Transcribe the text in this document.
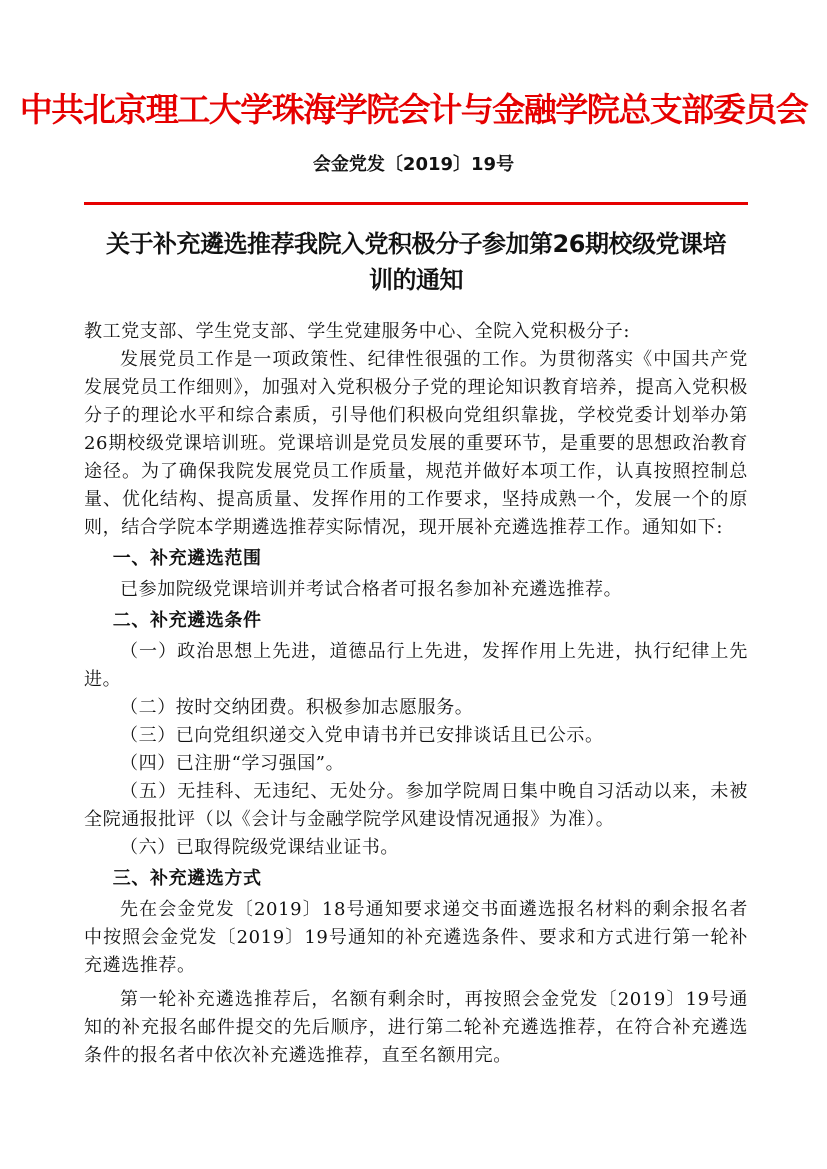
中共北京理工大学珠海学院会计与金融学院总支部委员会
会金党发〔2019〕19号
关于补充遴选推荐我院入党积极分子参加第26期校级党课培
训的通知

教工党支部、学生党支部、学生党建服务中心、全院入党积极分子:

发展党员工作是一项政策性、纪律性很强的工作。为贯彻落实《中国共产党发展党员工作细则》，加强对入党积极分子党的理论知识教育培养，提高入党积极分子的理论水平和综合素质，引导他们积极向党组织靠拢，学校党委计划举办第26期校级党课培训班。党课培训是党员发展的重要环节，是重要的思想政治教育途径。为了确保我院发展党员工作质量，规范并做好本项工作，认真按照控制总量、优化结构、提高质量、发挥作用的工作要求，坚持成熟一个，发展一个的原则，结合学院本学期遴选推荐实际情况，现开展补充遴选推荐工作。通知如下:

一、补充遴选范围

已参加院级党课培训并考试合格者可报名参加补充遴选推荐。

二、补充遴选条件

（一）政治思想上先进，道德品行上先进，发挥作用上先进，执行纪律上先进。

（二）按时交纳团费。积极参加志愿服务。

（三）已向党组织递交入党申请书并已安排谈话且已公示。

（四）已注册“学习强国”。

（五）无挂科、无违纪、无处分。参加学院周日集中晚自习活动以来，未被全院通报批评（以《会计与金融学院学风建设情况通报》为准）。

（六）已取得院级党课结业证书。

三、补充遴选方式

先在会金党发〔2019〕18号通知要求递交书面遴选报名材料的剩余报名者中按照会金党发〔2019〕19号通知的补充遴选条件、要求和方式进行第一轮补充遴选推荐。

第一轮补充遴选推荐后，名额有剩余时，再按照会金党发〔2019〕19号通知的补充报名邮件提交的先后顺序，进行第二轮补充遴选推荐，在符合补充遴选条件的报名者中依次补充遴选推荐，直至名额用完。
